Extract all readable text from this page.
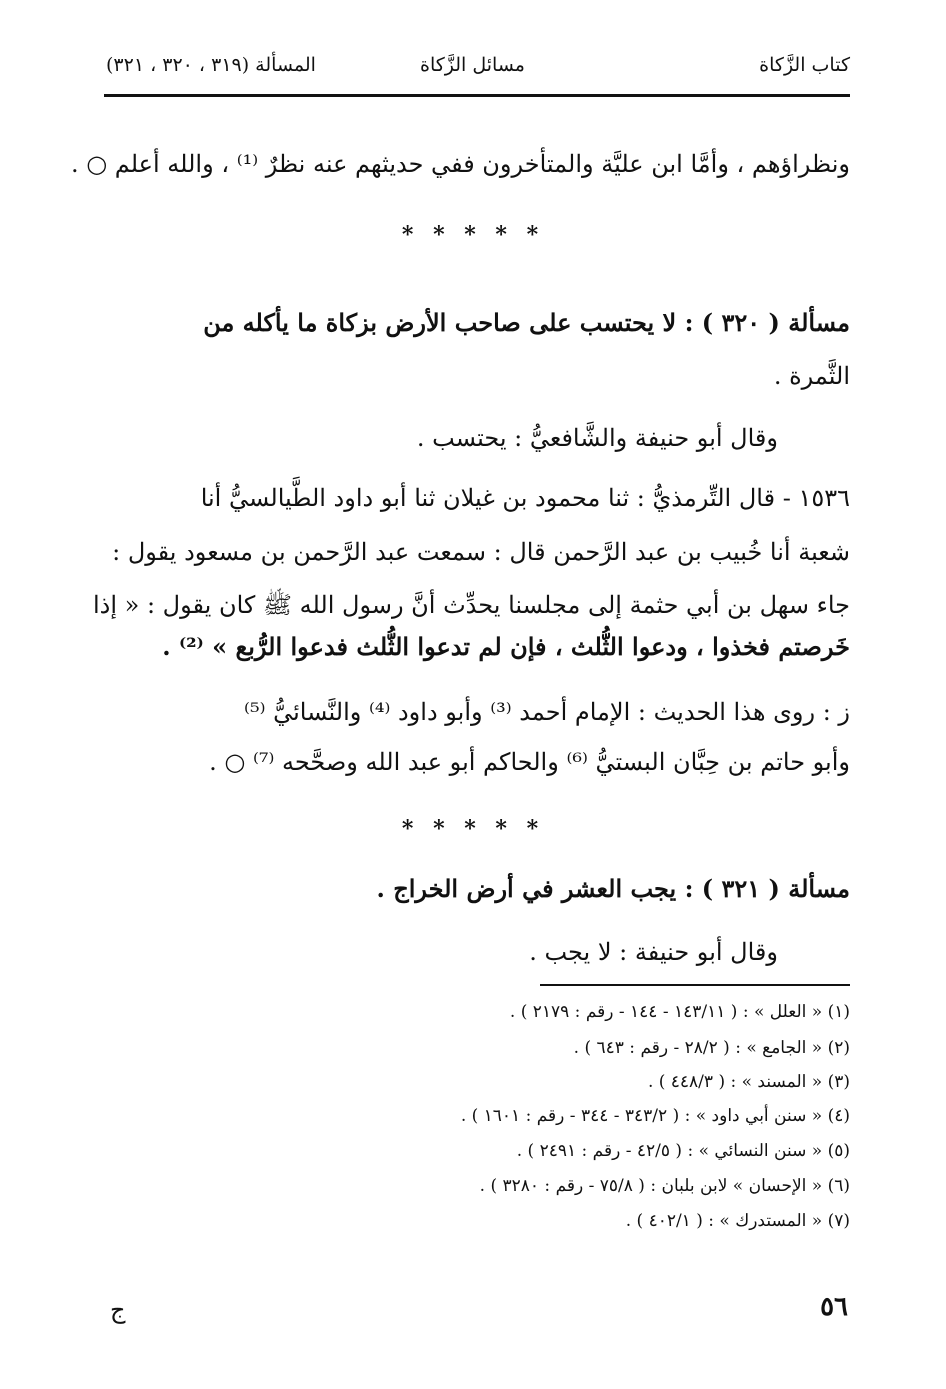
كتاب الزَّكاة
مسائل الزَّكاة
المسألة (٣١٩ ، ٣٢٠ ، ٣٢١)
ونظراؤهم ، وأمَّا ابن عليَّة والمتأخرون ففي حديثهم عنه نظرٌ ⁽¹⁾ ، والله أعلم ○ .
* * * * *
مسألة ( ٣٢٠ ) : لا يحتسب على صاحب الأرض بزكاة ما يأكله من
الثَّمرة .
وقال أبو حنيفة والشَّافعيُّ : يحتسب .
١٥٣٦ - قال التِّرمذيُّ : ثنا محمود بن غيلان ثنا أبو داود الطَّيالسيُّ أنا
شعبة أنا خُبيب بن عبد الرَّحمن قال : سمعت عبد الرَّحمن بن مسعود يقول :
جاء سهل بن أبي حثمة إلى مجلسنا يحدِّث أنَّ رسول الله ﷺ كان يقول : « إذا
خَرصتم فخذوا ، ودعوا الثُّلث ، فإن لم تدعوا الثُّلث فدعوا الرُّبع » ⁽²⁾ .
ز : روى هذا الحديث : الإمام أحمد ⁽³⁾ وأبو داود ⁽⁴⁾ والنَّسائيُّ ⁽⁵⁾
وأبو حاتم بن حِبَّان البستيُّ ⁽⁶⁾ والحاكم أبو عبد الله وصحَّحه ⁽⁷⁾ ○ .
* * * * *
مسألة ( ٣٢١ ) : يجب العشر في أرض الخراج .
وقال أبو حنيفة : لا يجب .
(١) « العلل » : ( ١٤٣/١١ - ١٤٤ - رقم : ٢١٧٩ ) .
(٢) « الجامع » : ( ٢٨/٢ - رقم : ٦٤٣ ) .
(٣) « المسند » : ( ٤٤٨/٣ ) .
(٤) « سنن أبي داود » : ( ٣٤٣/٢ - ٣٤٤ - رقم : ١٦٠١ ) .
(٥) « سنن النسائي » : ( ٤٢/٥ - رقم : ٢٤٩١ ) .
(٦) « الإحسان » لابن بلبان : ( ٧٥/٨ - رقم : ٣٢٨٠ ) .
(٧) « المستدرك » : ( ٤٠٢/١ ) .
٥٦
ج
